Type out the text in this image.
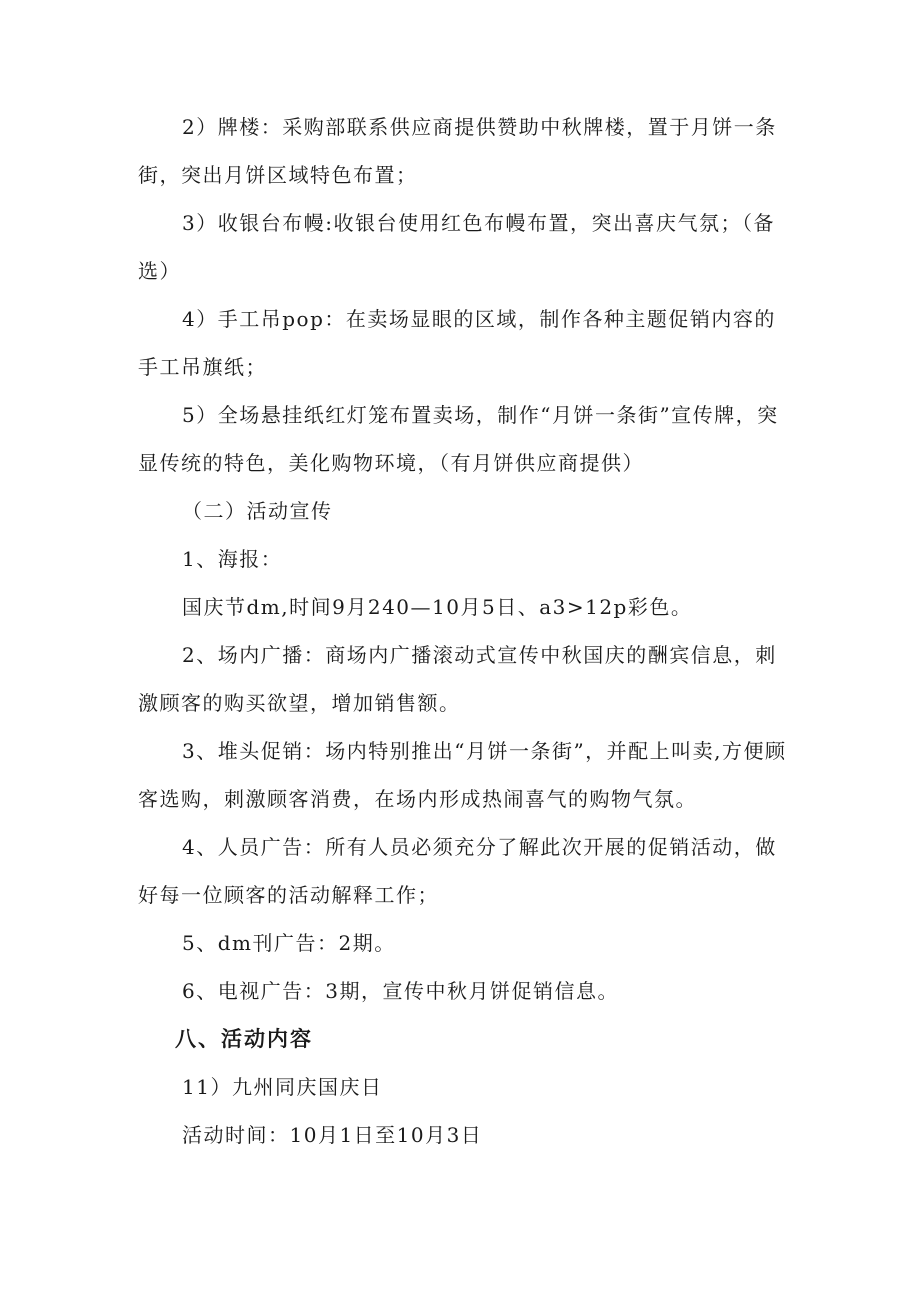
2）牌楼：采购部联系供应商提供赞助中秋牌楼，置于月饼一条街，突出月饼区域特色布置；

3）收银台布幔:收银台使用红色布幔布置，突出喜庆气氛；（备选）

4）手工吊pop：在卖场显眼的区域，制作各种主题促销内容的手工吊旗纸；

5）全场悬挂纸红灯笼布置卖场，制作“月饼一条街”宣传牌，突显传统的特色，美化购物环境，（有月饼供应商提供）

（二）活动宣传

1、海报：

国庆节dm,时间9月240—10月5日、a3>12p彩色。

2、场内广播：商场内广播滚动式宣传中秋国庆的酬宾信息，刺激顾客的购买欲望，增加销售额。

3、堆头促销：场内特别推出“月饼一条街”，并配上叫卖,方便顾客选购，刺激顾客消费，在场内形成热闹喜气的购物气氛。

4、人员广告：所有人员必须充分了解此次开展的促销活动，做好每一位顾客的活动解释工作；

5、dm刊广告：2期。

6、电视广告：3期，宣传中秋月饼促销信息。

八、活动内容

11）九州同庆国庆日

活动时间：10月1日至10月3日
